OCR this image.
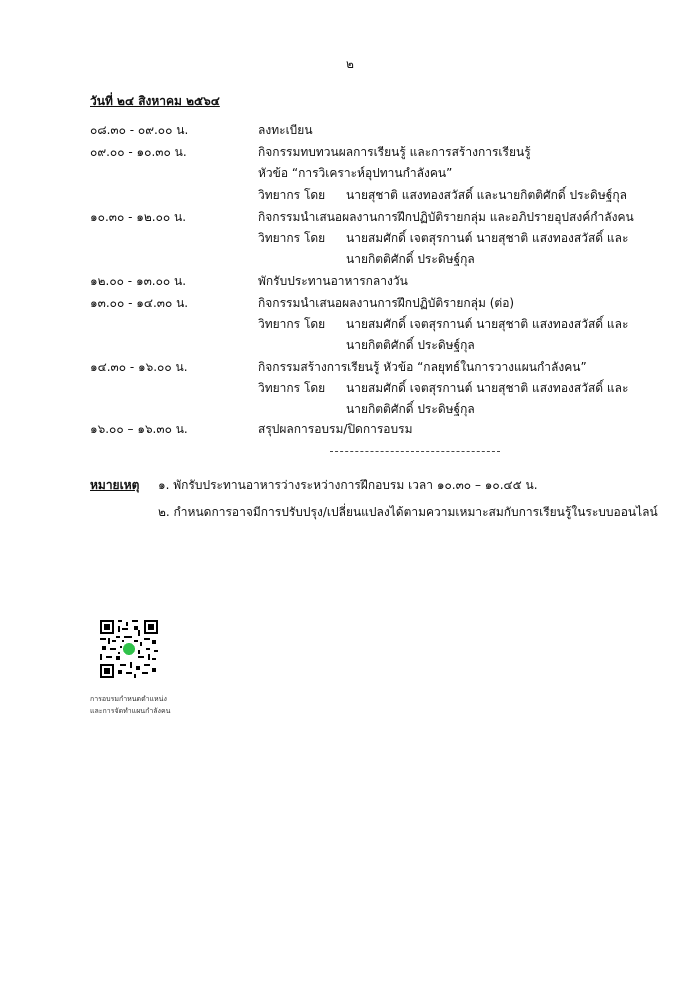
๒
วันที่ ๒๔ สิงหาคม ๒๕๖๔
๐๘.๓๐ - ๐๙.๐๐ น.	ลงทะเบียน
๐๙.๐๐ - ๑๐.๓๐ น.	กิจกรรมทบทวนผลการเรียนรู้ และการสร้างการเรียนรู้
หัวข้อ “การวิเคราะห์อุปทานกำลังคน”
วิทยากร โดย นายสุชาติ แสงทองสวัสดิ์ และนายกิตติศักดิ์ ประดิษฐ์กุล
๑๐.๓๐ - ๑๒.๐๐ น.	กิจกรรมนำเสนอผลงานการฝึกปฏิบัติรายกลุ่ม และอภิปรายอุปสงค์กำลังคน
วิทยากร โดย นายสมศักดิ์ เจตสุรกานต์ นายสุชาติ แสงทองสวัสดิ์ และ
นายกิตติศักดิ์ ประดิษฐ์กุล
๑๒.๐๐ - ๑๓.๐๐ น.	พักรับประทานอาหารกลางวัน
๑๓.๐๐ - ๑๔.๓๐ น.	กิจกรรมนำเสนอผลงานการฝึกปฏิบัติรายกลุ่ม (ต่อ)
วิทยากร โดย นายสมศักดิ์ เจตสุรกานต์ นายสุชาติ แสงทองสวัสดิ์ และ
นายกิตติศักดิ์ ประดิษฐ์กุล
๑๔.๓๐ - ๑๖.๐๐ น.	กิจกรรมสร้างการเรียนรู้ หัวข้อ “กลยุทธ์ในการวางแผนกำลังคน”
วิทยากร โดย นายสมศักดิ์ เจตสุรกานต์ นายสุชาติ แสงทองสวัสดิ์ และ
นายกิตติศักดิ์ ประดิษฐ์กุล
๑๖.๐๐ – ๑๖.๓๐ น.	สรุปผลการอบรม/ปิดการอบรม
หมายเหตุ ๑. พักรับประทานอาหารว่างระหว่างการฝึกอบรม เวลา ๑๐.๓๐ – ๑๐.๔๕ น.
๒. กำหนดการอาจมีการปรับปรุง/เปลี่ยนแปลงได้ตามความเหมาะสมกับการเรียนรู้ในระบบออนไลน์
การอบรมกำหนดตำแหน่ง
และการจัดทำแผนกำลังคน
